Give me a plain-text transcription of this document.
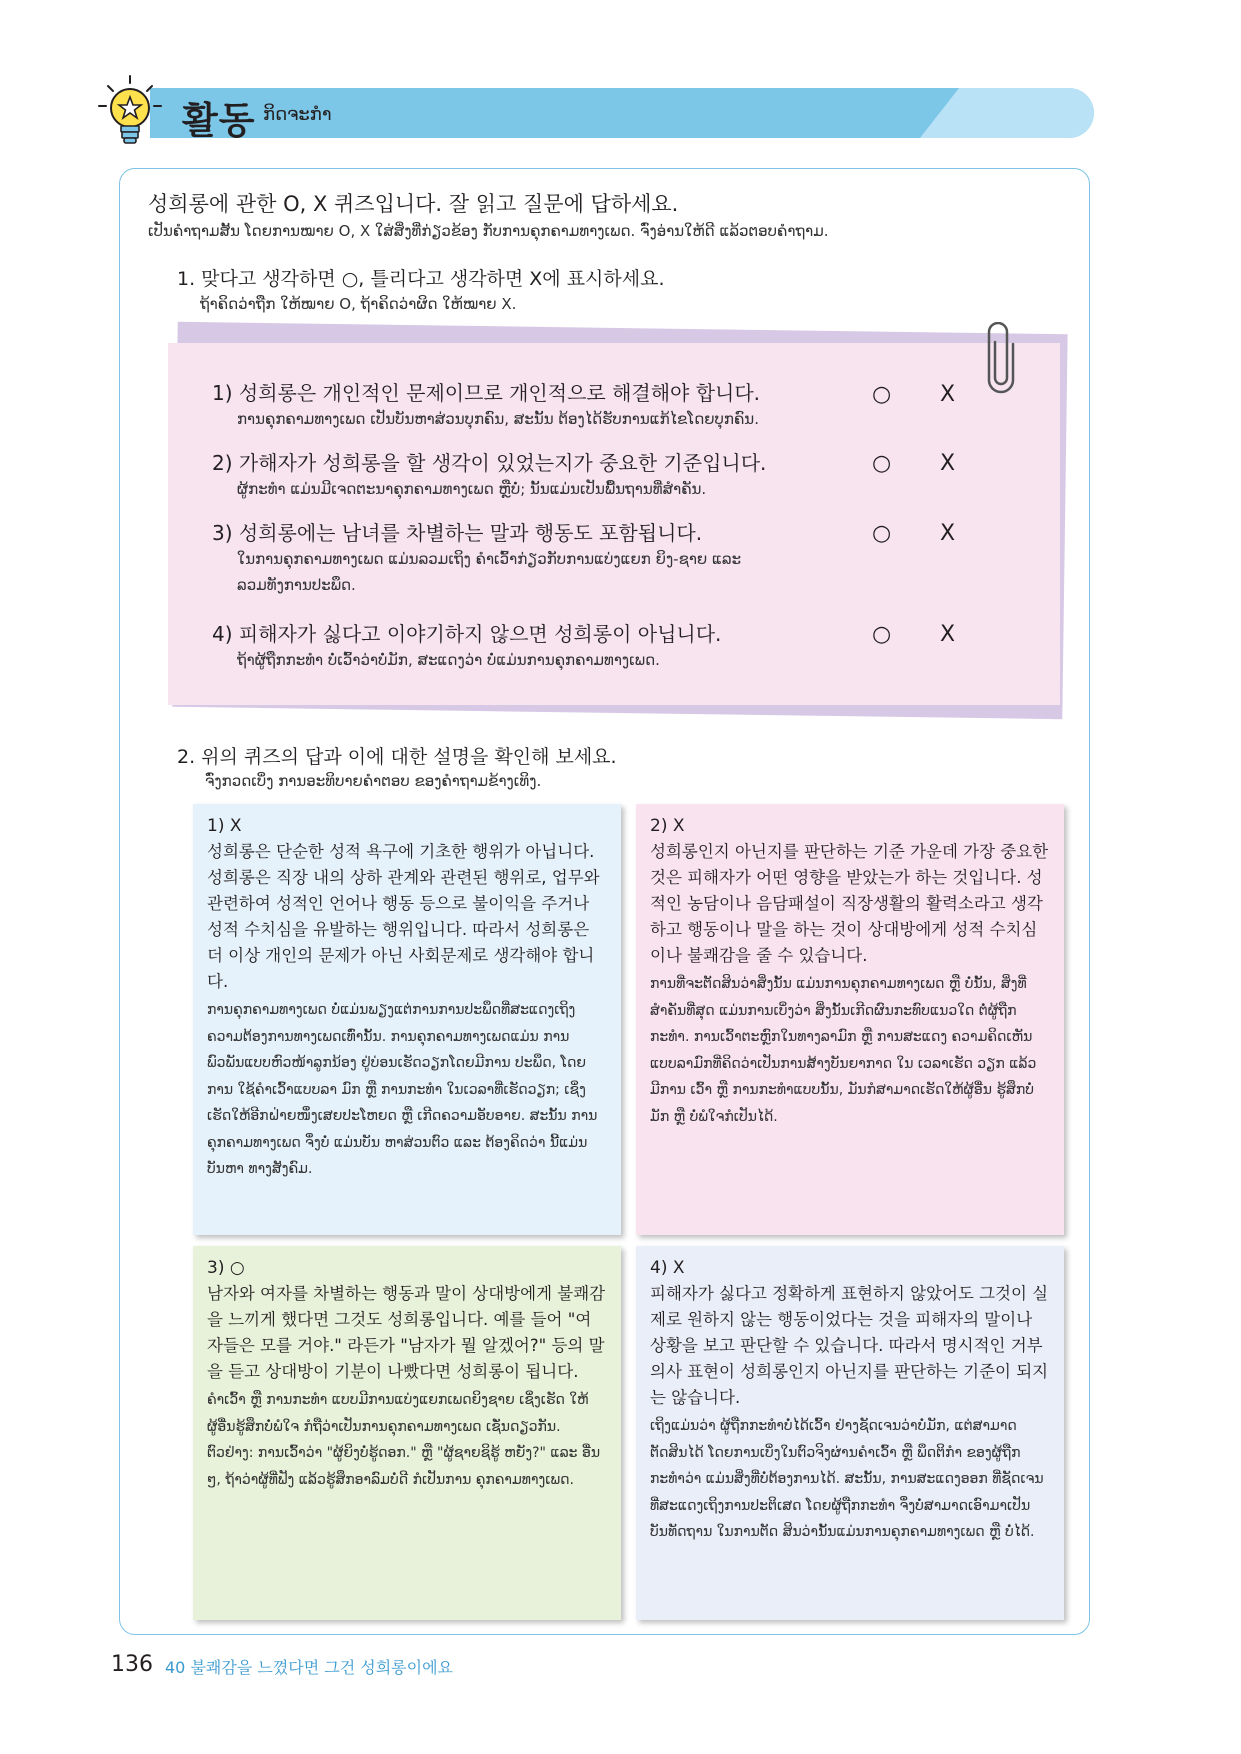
활동 ກິດຈະກຳ
성희롱에 관한 O, X 퀴즈입니다. 잘 읽고 질문에 답하세요.
ເປັນຄຳຖາມສັ້ນ ໂດຍການໝາຍ O, X ໃສ່ສິ່ງທີ່ກ່ຽວຂ້ອງ ກັບການຄຸກຄາມທາງເພດ. ຈົ່ງອ່ານໃຫ້ດີ ແລ້ວຕອບຄຳຖາມ.
1. 맞다고 생각하면 ○, 틀리다고 생각하면 X에 표시하세요.
ຖ້າຄິດວ່າຖືກ ໃຫ້ໝາຍ O, ຖ້າຄິດວ່າຜິດ ໃຫ້ໝາຍ X.
1) 성희롱은 개인적인 문제이므로 개인적으로 해결해야 합니다.
ການຄຸກຄາມທາງເພດ ເປັນບັນຫາສ່ວນບຸກຄົນ, ສະນັ້ນ ຕ້ອງໄດ້ຮັບການແກ້ໄຂໂດຍບຸກຄົນ.
○ X
2) 가해자가 성희롱을 할 생각이 있었는지가 중요한 기준입니다.
ຜູ້ກະທຳ ແມ່ນມີເຈດຕະນາຄຸກຄາມທາງເພດ ຫຼືບໍ່; ນັ້ນແມ່ນເປັນພື້ນຖານທີ່ສຳຄັນ.
○ X
3) 성희롱에는 남녀를 차별하는 말과 행동도 포함됩니다.
ໃນການຄຸກຄາມທາງເພດ ແມ່ນລວມເຖິງ ຄຳເວົ້າກ່ຽວກັບການແບ່ງແຍກ ຍິງ-ຊາຍ ແລະ ລວມທັງການປະພຶດ.
○ X
4) 피해자가 싫다고 이야기하지 않으면 성희롱이 아닙니다.
ຖ້າຜູ້ຖືກກະທຳ ບໍ່ເວົ້າວ່າບໍ່ມັກ, ສະແດງວ່າ ບໍ່ແມ່ນການຄຸກຄາມທາງເພດ.
○ X
2. 위의 퀴즈의 답과 이에 대한 설명을 확인해 보세요.
ຈົ່ງກວດເບິ່ງ ການອະທິບາຍຄຳຕອບ ຂອງຄຳຖາມຂ້າງເທິງ.
1) X
성희롱은 단순한 성적 욕구에 기초한 행위가 아닙니다. 성희롱은 직장 내의 상하 관계와 관련된 행위로, 업무와 관련하여 성적인 언어나 행동 등으로 불이익을 주거나 성적 수치심을 유발하는 행위입니다. 따라서 성희롱은 더 이상 개인의 문제가 아닌 사회문제로 생각해야 합니다.
ການຄຸກຄາມທາງເພດ ບໍ່ແມ່ນພຽງແຕ່ການການປະພຶດທີ່ສະແດງເຖິງ ຄວາມຕ້ອງການທາງເພດເທົ່ານັ້ນ. ການຄຸກຄາມທາງເພດແມ່ນ ການ ພົວພັນແບບຫົວໜ້າລູກນ້ອງ ຢູ່ບ່ອນເຮັດວຽກໂດຍມີການ ປະພຶດ, ໂດຍການ ໃຊ້ຄຳເວົ້າແບບລາ ມົກ ຫຼື ການກະທຳ ໃນເວລາທີ່ເຮັດວຽກ; ເຊິ່ງເຮັດໃຫ້ອີກຝ່າຍໜຶ່ງເສຍປະໂຫຍດ ຫຼື ເກີດຄວາມອັບອາຍ. ສະນັ້ນ ການຄຸກຄາມທາງເພດ ຈຶ່ງບໍ່ ແມ່ນບັນ ຫາສ່ວນຕົວ ແລະ ຕ້ອງຄິດວ່າ ນີ້ແມ່ນບັນຫາ ທາງສັງຄົມ.
2) X
성희롱인지 아닌지를 판단하는 기준 가운데 가장 중요한 것은 피해자가 어떤 영향을 받았는가 하는 것입니다. 성적인 농담이나 음담패설이 직장생활의 활력소라고 생각하고 행동이나 말을 하는 것이 상대방에게 성적 수치심이나 불쾌감을 줄 수 있습니다.
ການທີ່ຈະຕັດສິນວ່າສິ່ງນັ້ນ ແມ່ນການຄຸກຄາມທາງເພດ ຫຼື ບໍ່ນັ້ນ, ສິ່ງທີ່ສຳຄັນທີ່ສຸດ ແມ່ນການເບິ່ງວ່າ ສິ່ງນັ້ນເກີດຜົນກະທົບແນວໃດ ຕໍ່ຜູ້ຖືກກະທຳ. ການເວົ້າຕະຫຼົກໃນທາງລາມົກ ຫຼື ການສະແດງ ຄວາມຄິດເຫັນແບບລາມົກທີ່ຄິດວ່າເປັນການສ້າງບັນຍາກາດ ໃນ ເວລາເຮັດ ວຽກ ແລ້ວມີການ ເວົ້າ ຫຼື ການກະທຳແບບນັ້ນ, ມັນກໍສາມາດເຮັດໃຫ້ຜູ້ອື່ນ ຮູ້ສຶກບໍ່ມັກ ຫຼື ບໍ່ພໍໃຈກໍເປັນໄດ້.
3) ○
남자와 여자를 차별하는 행동과 말이 상대방에게 불쾌감을 느끼게 했다면 그것도 성희롱입니다. 예를 들어 "여자들은 모를 거야." 라든가 "남자가 뭘 알겠어?" 등의 말을 듣고 상대방이 기분이 나빴다면 성희롱이 됩니다.
ຄຳເວົ້າ ຫຼື ການກະທຳ ແບບມີການແບ່ງແຍກເພດຍິງຊາຍ ເຊິ່ງເຮັດ ໃຫ້ຜູ້ອື່ນຮູ້ສຶກບໍ່ພໍໃຈ ກໍຖືວ່າເປັນການຄຸກຄາມທາງເພດ ເຊັ່ນດຽວກັນ. ຕົວຢ່າງ: ການເວົ້າວ່າ "ຜູ້ຍິງບໍ່ຮູ້ດອກ." ຫຼື "ຜູ້ຊາຍຊິຮູ້ ຫຍັງ?" ແລະ ອື່ນໆ, ຖ້າວ່າຜູ້ທີ່ຟັງ ແລ້ວຮູ້ສຶກອາລົມບໍ່ດີ ກໍເປັນການ ຄຸກຄາມທາງເພດ.
4) X
피해자가 싫다고 정확하게 표현하지 않았어도 그것이 실제로 원하지 않는 행동이었다는 것을 피해자의 말이나 상황을 보고 판단할 수 있습니다. 따라서 명시적인 거부 의사 표현이 성희롱인지 아닌지를 판단하는 기준이 되지는 않습니다.
ເຖິງແມ່ນວ່າ ຜູ້ຖືກກະທຳບໍ່ໄດ້ເວົ້າ ຢ່າງຊັດເຈນວ່າບໍ່ມັກ, ແຕ່ສາມາດ ຕັດສິນໄດ້ ໂດຍການເບິ່ງໃນຕົວຈິງຜ່ານຄຳເວົ້າ ຫຼື ພຶດຕິກຳ ຂອງຜູ້ຖືກກະທຳວ່າ ແມ່ນສິ່ງທີ່ບໍ່ຕ້ອງການໄດ້. ສະນັ້ນ, ການສະແດງອອກ ທີ່ຊັດເຈນທີ່ສະແດງເຖິງການປະຕິເສດ ໂດຍຜູ້ຖືກກະທຳ ຈຶ່ງບໍ່ສາມາດເອົາມາເປັນບັນທັດຖານ ໃນການຕັດ ສິນວ່ານັ້ນແມ່ນການຄຸກຄາມທາງເພດ ຫຼື ບໍ່ໄດ້.
136 40 불쾌감을 느꼈다면 그건 성희롱이에요
